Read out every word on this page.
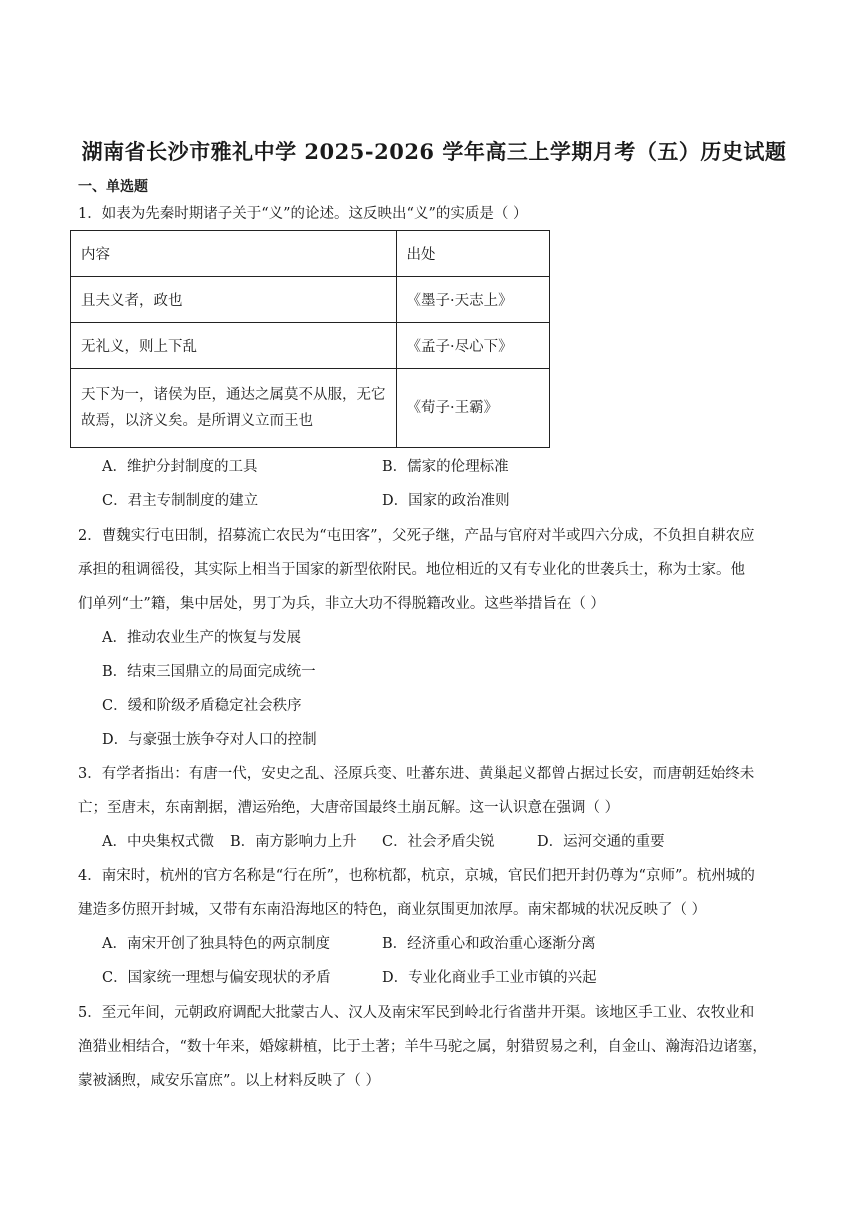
湖南省长沙市雅礼中学 2025-2026 学年高三上学期月考（五）历史试题
一、单选题
1．如表为先秦时期诸子关于“义”的论述。这反映出“义”的实质是（ ）
内容	出处
且夫义者，政也	《墨子·天志上》
无礼义，则上下乱	《孟子·尽心下》
天下为一，诸侯为臣，通达之属莫不从服，无它故焉，以济义矣。是所谓义立而王也	《荀子·王霸》
A．维护分封制度的工具	B．儒家的伦理标准
C．君主专制制度的建立	D．国家的政治准则
2．曹魏实行屯田制，招募流亡农民为“屯田客”，父死子继，产品与官府对半或四六分成，不负担自耕农应
承担的租调徭役，其实际上相当于国家的新型依附民。地位相近的又有专业化的世袭兵士，称为士家。他
们单列“士”籍，集中居处，男丁为兵，非立大功不得脱籍改业。这些举措旨在（ ）
A．推动农业生产的恢复与发展
B．结束三国鼎立的局面完成统一
C．缓和阶级矛盾稳定社会秩序
D．与豪强士族争夺对人口的控制
3．有学者指出：有唐一代，安史之乱、泾原兵变、吐蕃东进、黄巢起义都曾占据过长安，而唐朝廷始终未
亡；至唐末，东南割据，漕运殆绝，大唐帝国最终土崩瓦解。这一认识意在强调（ ）
A．中央集权式微 B．南方影响力上升 C．社会矛盾尖锐	D．运河交通的重要
4．南宋时，杭州的官方名称是“行在所”，也称杭都，杭京，京城，官民们把开封仍尊为“京师”。杭州城的
建造多仿照开封城，又带有东南沿海地区的特色，商业氛围更加浓厚。南宋都城的状况反映了（ ）
A．南宋开创了独具特色的两京制度	B．经济重心和政治重心逐渐分离
C．国家统一理想与偏安现状的矛盾	D．专业化商业手工业市镇的兴起
5．至元年间，元朝政府调配大批蒙古人、汉人及南宋军民到岭北行省凿井开渠。该地区手工业、农牧业和
渔猎业相结合，“数十年来，婚嫁耕植，比于土著；羊牛马驼之属，射猎贸易之利，自金山、瀚海沿边诸塞，
蒙被涵煦，咸安乐富庶”。以上材料反映了（ ）
